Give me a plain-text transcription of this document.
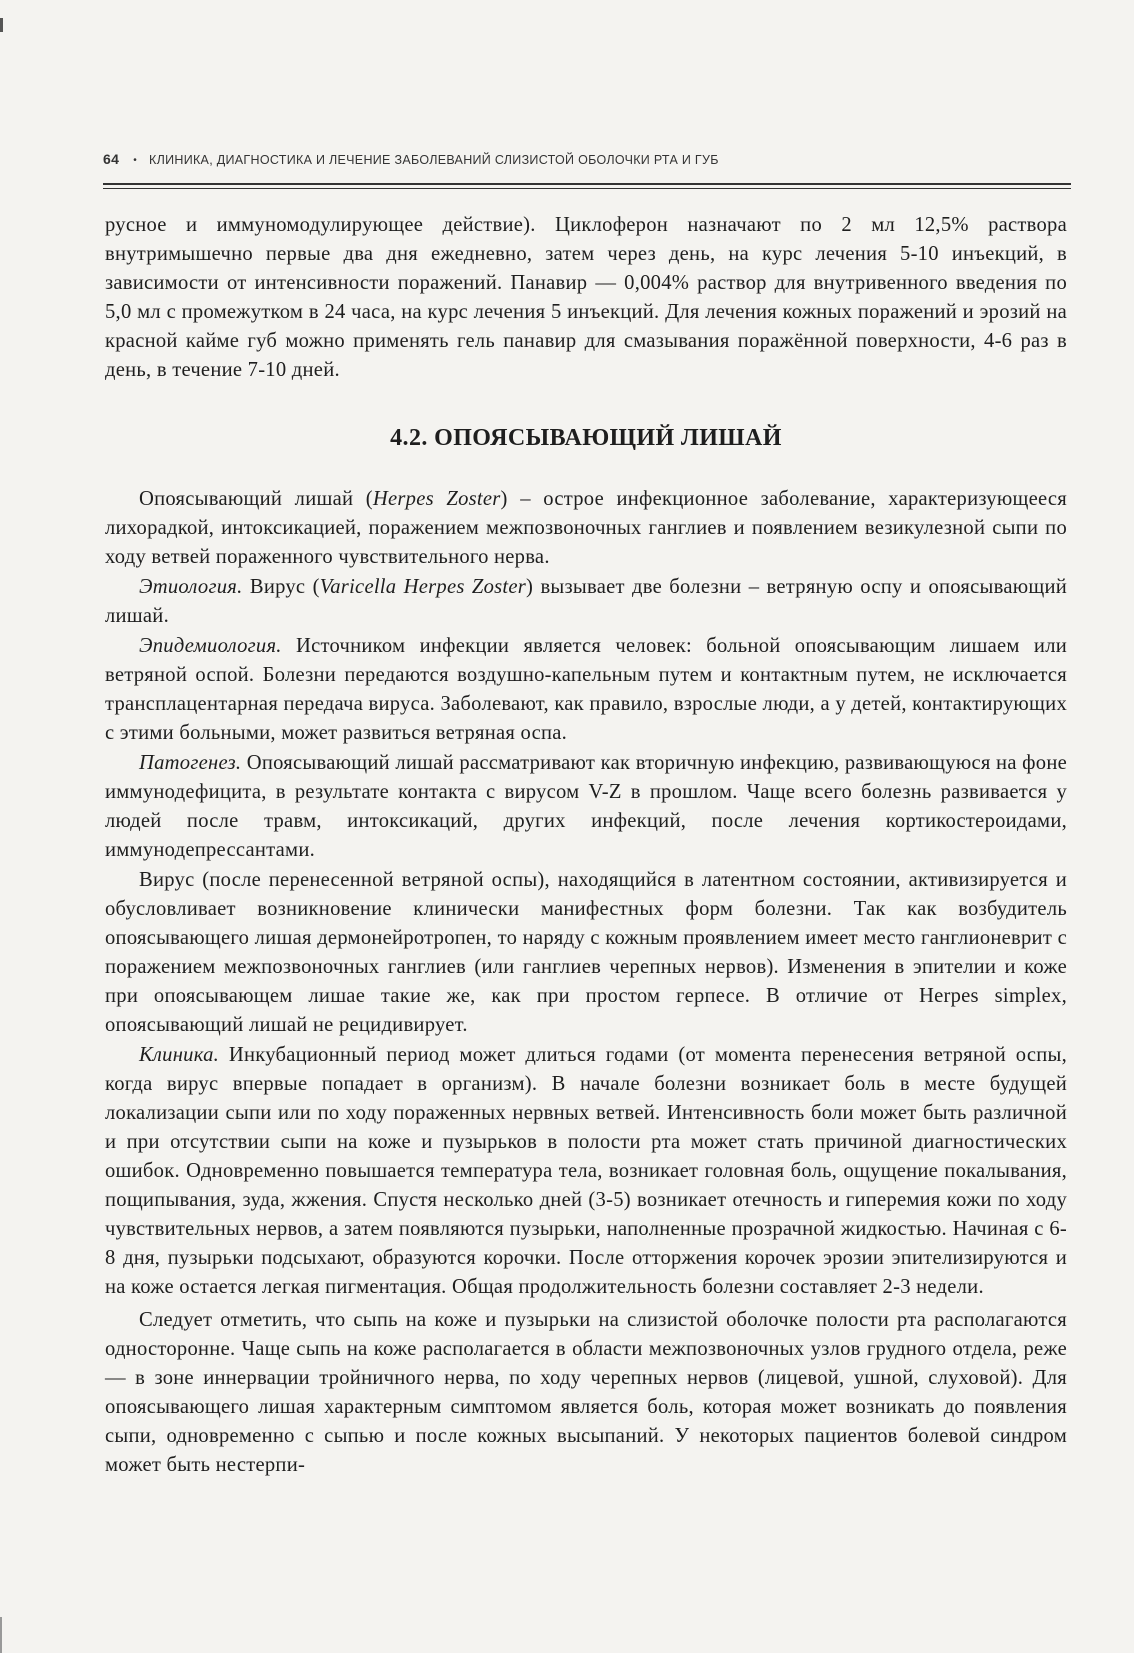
64 • КЛИНИКА, ДИАГНОСТИКА И ЛЕЧЕНИЕ ЗАБОЛЕВАНИЙ СЛИЗИСТОЙ ОБОЛОЧКИ РТА И ГУБ

русное и иммуномодулирующее действие). Циклоферон назначают по 2 мл 12,5% раствора внутримышечно первые два дня ежедневно, затем через день, на курс лечения 5-10 инъекций, в зависимости от интенсивности поражений. Панавир — 0,004% раствор для внутривенного введения по 5,0 мл с промежутком в 24 часа, на курс лечения 5 инъекций. Для лечения кожных поражений и эрозий на красной кайме губ можно применять гель панавир для смазывания поражённой поверхности, 4-6 раз в день, в течение 7-10 дней.

4.2. ОПОЯСЫВАЮЩИЙ ЛИШАЙ

Опоясывающий лишай (Herpes Zoster) – острое инфекционное заболевание, характеризующееся лихорадкой, интоксикацией, поражением межпозвоночных ганглиев и появлением везикулезной сыпи по ходу ветвей пораженного чувствительного нерва.

Этиология. Вирус (Varicella Herpes Zoster) вызывает две болезни – ветряную оспу и опоясывающий лишай.

Эпидемиология. Источником инфекции является человек: больной опоясывающим лишаем или ветряной оспой. Болезни передаются воздушно-капельным путем и контактным путем, не исключается трансплацентарная передача вируса. Заболевают, как правило, взрослые люди, а у детей, контактирующих с этими больными, может развиться ветряная оспа.

Патогенез. Опоясывающий лишай рассматривают как вторичную инфекцию, развивающуюся на фоне иммунодефицита, в результате контакта с вирусом V-Z в прошлом. Чаще всего болезнь развивается у людей после травм, интоксикаций, других инфекций, после лечения кортикостероидами, иммунодепрессантами.

Вирус (после перенесенной ветряной оспы), находящийся в латентном состоянии, активизируется и обусловливает возникновение клинически манифестных форм болезни. Так как возбудитель опоясывающего лишая дермонейротропен, то наряду с кожным проявлением имеет место ганглионеврит с поражением межпозвоночных ганглиев (или ганглиев черепных нервов). Изменения в эпителии и коже при опоясывающем лишае такие же, как при простом герпесе. В отличие от Herpes simplex, опоясывающий лишай не рецидивирует.

Клиника. Инкубационный период может длиться годами (от момента перенесения ветряной оспы, когда вирус впервые попадает в организм). В начале болезни возникает боль в месте будущей локализации сыпи или по ходу пораженных нервных ветвей. Интенсивность боли может быть различной и при отсутствии сыпи на коже и пузырьков в полости рта может стать причиной диагностических ошибок. Одновременно повышается температура тела, возникает головная боль, ощущение покалывания, пощипывания, зуда, жжения. Спустя несколько дней (3-5) возникает отечность и гиперемия кожи по ходу чувствительных нервов, а затем появляются пузырьки, наполненные прозрачной жидкостью. Начиная с 6-8 дня, пузырьки подсыхают, образуются корочки. После отторжения корочек эрозии эпителизируются и на коже остается легкая пигментация. Общая продолжительность болезни составляет 2-3 недели.

Следует отметить, что сыпь на коже и пузырьки на слизистой оболочке полости рта располагаются односторонне. Чаще сыпь на коже располагается в области межпозвоночных узлов грудного отдела, реже — в зоне иннервации тройничного нерва, по ходу черепных нервов (лицевой, ушной, слуховой). Для опоясывающего лишая характерным симптомом является боль, которая может возникать до появления сыпи, одновременно с сыпью и после кожных высыпаний. У некоторых пациентов болевой синдром может быть нестерпи-
